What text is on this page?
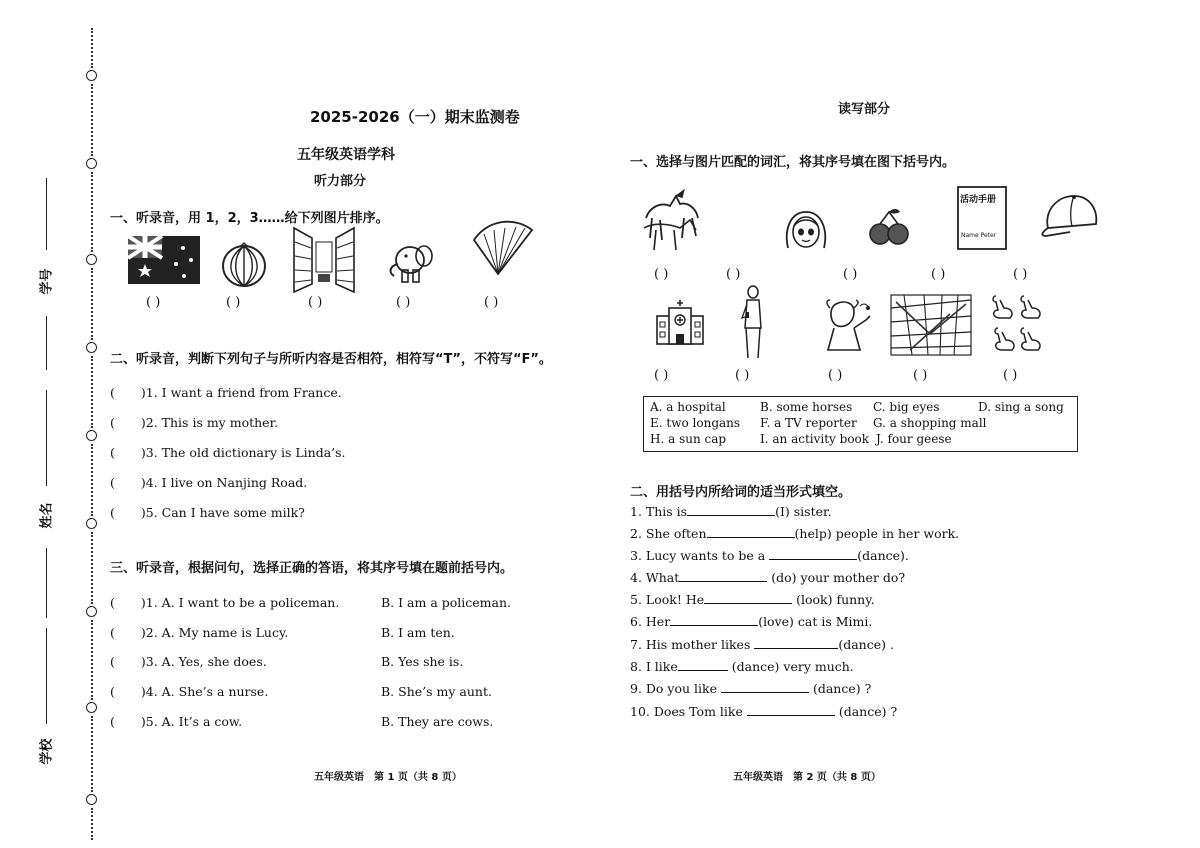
学号
姓名
学校
2025-2026（一）期末监测卷
五年级英语学科
听力部分
一、听录音，用 1，2，3……给下列图片排序。
( )	( )	( )	( )	( )
二、听录音，判断下列句子与所听内容是否相符，相符写“T”，不符写“F”。
( )1. I want a friend from France.
( )2. This is my mother.
( )3. The old dictionary is Linda’s.
( )4. I live on Nanjing Road.
( )5. Can I have some milk?
三、听录音，根据问句，选择正确的答语，将其序号填在题前括号内。
( )1. A. I want to be a policeman.	B. I am a policeman.
( )2. A. My name is Lucy.	B. I am ten.
( )3. A. Yes, she does.	B. Yes she is.
( )4. A. She’s a nurse.	B. She’s my aunt.
( )5. A. It’s a cow.	B. They are cows.
五年级英语　第 1 页（共 8 页）
读写部分
一、选择与图片匹配的词汇，将其序号填在图下括号内。
活动手册
Name Peter
( )	( )	( )	( )	( )
( )	( )	( )	( )	( )
A. a hospital	B. some horses C. big eyes	D. sing a song
E. two longans F. a TV reporter G. a shopping mall
H. a sun cap	I. an activity book J. four geese
二、用括号内所给词的适当形式填空。
1. This is	(I) sister.
2. She often	(help) people in her work.
3. Lucy wants to be a	(dance).
4. What	(do) your mother do?
5. Look! He	(look) funny.
6. Her	(love) cat is Mimi.
7. His mother likes	(dance) .
8. I like	(dance) very much.
9. Do you like	(dance) ?
10. Does Tom like	(dance) ?
五年级英语　第 2 页（共 8 页）
